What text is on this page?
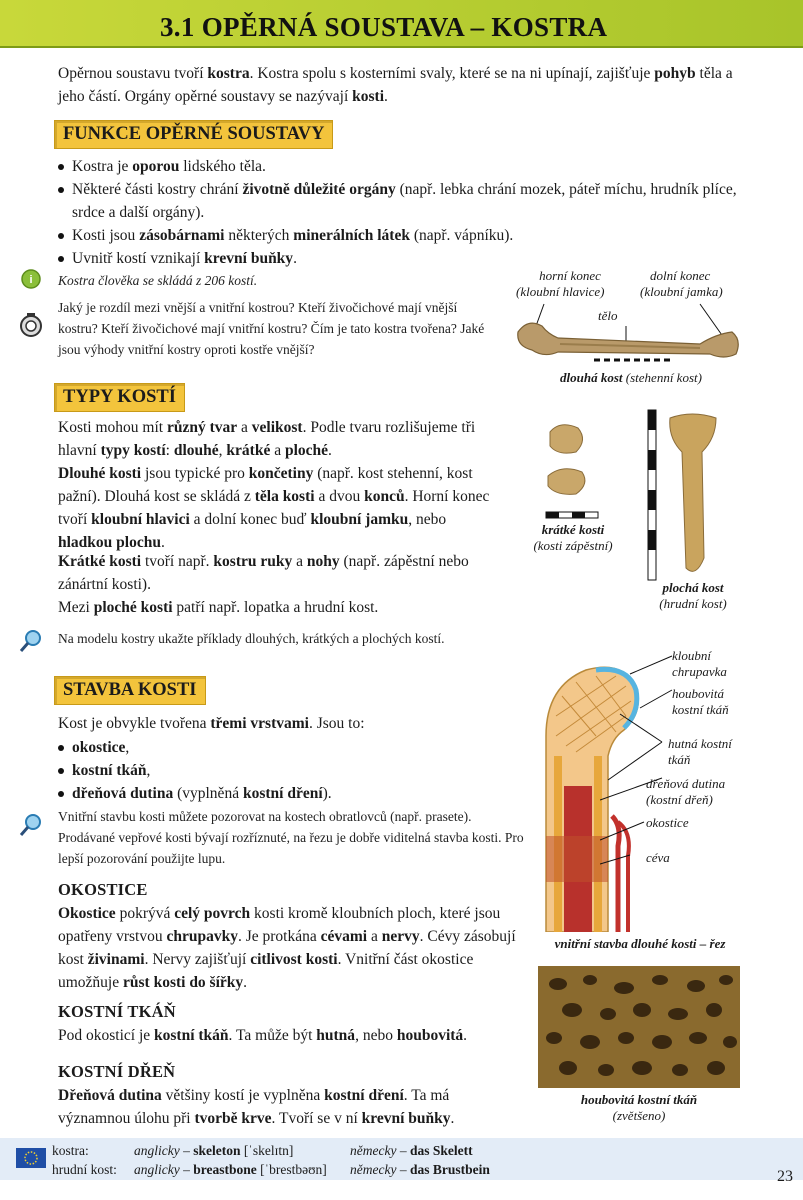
3.1 OPĚRNÁ SOUSTAVA – KOSTRA
Opěrnou soustavu tvoří kostra. Kostra spolu s kosterními svaly, které se na ni upínají, zajišťuje pohyb těla a jeho částí. Orgány opěrné soustavy se nazývají kosti.
FUNKCE OPĚRNÉ SOUSTAVY
Kostra je oporou lidského těla.
Některé části kostry chrání životně důležité orgány (např. lebka chrání mozek, páteř míchu, hrudník plíce, srdce a další orgány).
Kosti jsou zásobárnami některých minerálních látek (např. vápníku).
Uvnitř kostí vznikají krevní buňky.
i Kostra člověka se skládá z 206 kostí.
Jaký je rozdíl mezi vnější a vnitřní kostrou? Kteří živočichové mají vnější kostru? Kteří živočichové mají vnitřní kostru? Čím je tato kostra tvořena? Jaké jsou výhody vnitřní kostry oproti kostře vnější?
horní konec
(kloubní hlavice)
dolní konec
(kloubní jamka)
tělo
dlouhá kost (stehenní kost)
TYPY KOSTÍ
Kosti mohou mít různý tvar a velikost. Podle tvaru rozlišujeme tři hlavní typy kostí: dlouhé, krátké a ploché.
Dlouhé kosti jsou typické pro končetiny (např. kost stehenní, kost pažní). Dlouhá kost se skládá z těla kosti a dvou konců. Horní konec tvoří kloubní hlavici a dolní konec buď kloubní jamku, nebo hladkou plochu.
Krátké kosti tvoří např. kostru ruky a nohy (např. zápěstní nebo zánártní kosti).
Mezi ploché kosti patří např. lopatka a hrudní kost.
Na modelu kostry ukažte příklady dlouhých, krátkých a plochých kostí.
krátké kosti
(kosti zápěstní)
plochá kost
(hrudní kost)
STAVBA KOSTI
Kost je obvykle tvořena třemi vrstvami. Jsou to:
okostice,
kostní tkáň,
dřeňová dutina (vyplněná kostní dření).
Vnitřní stavbu kosti můžete pozorovat na kostech obratlovců (např. prasete). Prodávané vepřové kosti bývají rozříznuté, na řezu je dobře viditelná stavba kosti. Pro lepší pozorování použijte lupu.
OKOSTICE
Okostice pokrývá celý povrch kosti kromě kloubních ploch, které jsou opatřeny vrstvou chrupavky. Je protkána cévami a nervy. Cévy zásobují kost živinami. Nervy zajišťují citlivost kosti. Vnitřní část okostice umožňuje růst kosti do šířky.
KOSTNÍ TKÁŇ
Pod okosticí je kostní tkáň. Ta může být hutná, nebo houbovitá.
KOSTNÍ DŘEŇ
Dřeňová dutina většiny kostí je vyplněna kostní dření. Ta má významnou úlohu při tvorbě krve. Tvoří se v ní krevní buňky.
kloubní
chrupavka
houbovitá
kostní tkáň
hutná kostní
tkáň
dřeňová dutina
(kostní dřeň)
okostice
céva
vnitřní stavba dlouhé kosti – řez
houbovitá kostní tkáň
(zvětšeno)
kostra:	anglicky – skeleton [ˈskelɪtn]	německy – das Skelett
hrudní kost: anglicky – breastbone [ˈbrestbəʊn] německy – das Brustbein	23
